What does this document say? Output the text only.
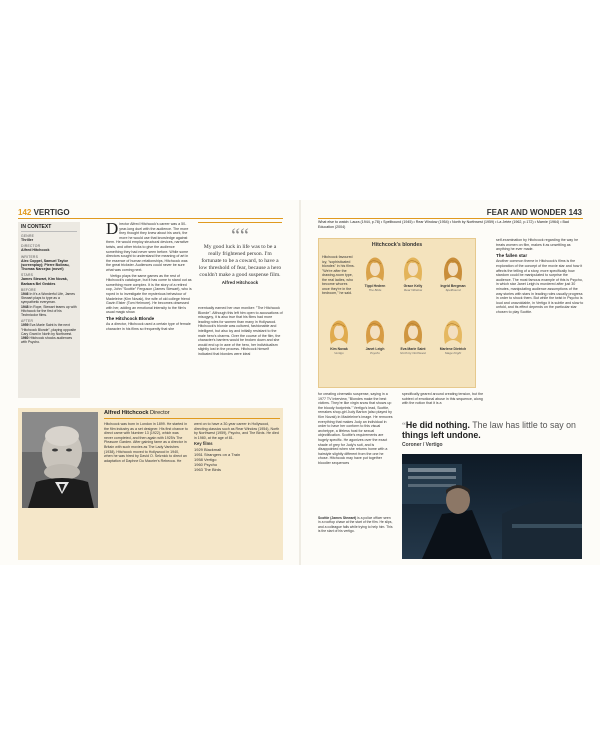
142 VERTIGO
IN CONTEXT
GENRE
Thriller
DIRECTOR
Alfred Hitchcock
WRITERS
Alec Coppel, Samuel Taylor (screenplay); Pierre Boileau, Thomas Narcejac (novel)
STARS
James Stewart, Kim Novak, Barbara Bel Geddes
BEFORE
1946 In It's a Wonderful Life, James Stewart plays to type as a sympathetic everyman.
1948 In Rope, Stewart teams up with Hitchcock for the first of his Technicolor films.
AFTER
1959 Eva Marie Saint is the next "Hitchcock Blonde", playing opposite Cary Grant in North by Northwest.
1960 Hitchcock shocks audiences with Psycho.
D irector Alfred Hitchcock's career was a 50-year-long duel with the audience. The more they thought they knew about his work, the more he would use that knowledge against them. He would employ structural devices, narrative twists, and other tricks to give the audience something they had never seen before. While some directors sought to understand the meaning of art in the essence of human relationships, Hitchcock was the great trickster. Audiences could never be sure what was coming next.

Vertigo plays the same games as the rest of Hitchcock's catalogue, but it has come to stand out as something more complex. It is the story of a retired cop, John "Scottie" Ferguson (James Stewart), who is roped in to investigate the mysterious behaviour of Madeleine (Kim Novak), the wife of old college friend Gavin Elster (Tom Helmore). He becomes obsessed with her, adding an emotional intensity to the film's usual magic show.

The Hitchcock Blonde
As a director, Hitchcock used a certain type of female character in his films so frequently that she
““
My good luck in life was to be a really frightened person. I'm fortunate to be a coward, to have a low threshold of fear, because a hero couldn't make a good suspense film.
Alfred Hitchcock
eventually earned her own moniker: "The Hitchcock Blonde". Although this left him open to accusations of misogyny, it is also true that his films had more leading roles for women than many in Hollywood. Hitchcock's blonde was cultured, fashionable and intelligent, but also icy and initially resistant to the male hero's charms. Over the course of the film, the character's barriers would be broken down and she would end up in awe of the hero, her individualism slightly lost in the process. Hitchcock himself indicated that blondes were ideal
Alfred Hitchcock Director
Hitchcock was born in London in 1899. He started in the film industry as a set designer. His first chance to direct came with Number 13 (1922), which was never completed, and then again with 1925's The Pleasure Garden. After gaining fame as a director in Britain with such movies as The Lady Vanishes (1938), Hitchcock moved to Hollywood in 1940, when he was hired by David O. Selznick to direct an adaptation of Daphne Du Maurier's Rebecca. He
went on to have a 30-year career in Hollywood, directing classics such as Rear Window (1954), North by Northwest (1959), Psycho, and The Birds. He died in 1980, at the age of 81.
Key films
1929 Blackmail
1951 Strangers on a Train
1958 Vertigo
1960 Psycho
1963 The Birds
FEAR AND WONDER 143
What else to watch: Laura (1944, p.78) • Spellbound (1945) • Rear Window (1954) • North by Northwest (1959) • La Jetée (1962, p.172) • Marnie (1964) • Bad Education (2004)
Hitchcock's blondes
Hitchcock favoured icy, "sophisticated blondes" in his films. "We're after the drawing-room type, the real ladies, who become whores once they're in the bedroom," he said.
Tippi Hedren
The Birds
Grace Kelly
Rear Window
Ingrid Bergman
Spellbound
Kim Novak
Vertigo
Janet Leigh
Psycho
Eva Marie Saint
North by Northwest
Marlene Dietrich
Stage Fright
for creating cinematic suspense, saying in a 1977 TV interview, "Blondes make the best victims. They're like virgin snow that shows up the bloody footprints." Vertigo's lead, Scottie, remakes shop-girl Judy Barton (also played by Kim Novak) in Madeleine's image. He removes everything that makes Judy an individual in order to have her conform to this visual archetype, a lifeless host for sexual objectification. Scottie's requirements are hugely specific. He agonizes over the exact shade of grey for Judy's suit, and is disappointed when she returns home with a hairstyle slightly different from the one he chose. Hitchcock may have put together bloodier sequences
specifically geared around creating tension, but the subtext of emotional abuse in this sequence, along with the notion that it is a
self-examination by Hitchcock regarding the way he treats women on film, makes it as unsettling as anything he ever made.
The fallen star
Another common theme in Hitchcock's films is the exploration of the concept of the movie star and how it affects the telling of a story, more specifically how stardom could be manipulated to surprise the audience. The most famous example of this is Psycho, in which star Janet Leigh is murdered after just 30 minutes, manipulating audience assumptions of the way stories with stars in leading roles usually progress in order to shock them. But while the twist in Psycho is loud and unavoidable, in Vertigo it is subtle and slow to unfold, and its effect depends on the particular star chosen to play Scottie.
“He did nothing. The law has little to say on things left undone.
Coroner / Vertigo
Scottie (James Stewart) is a police officer seen in a rooftop chase at the start of the film. He slips, and a colleague falls while trying to help him. This is the start of his vertigo.
